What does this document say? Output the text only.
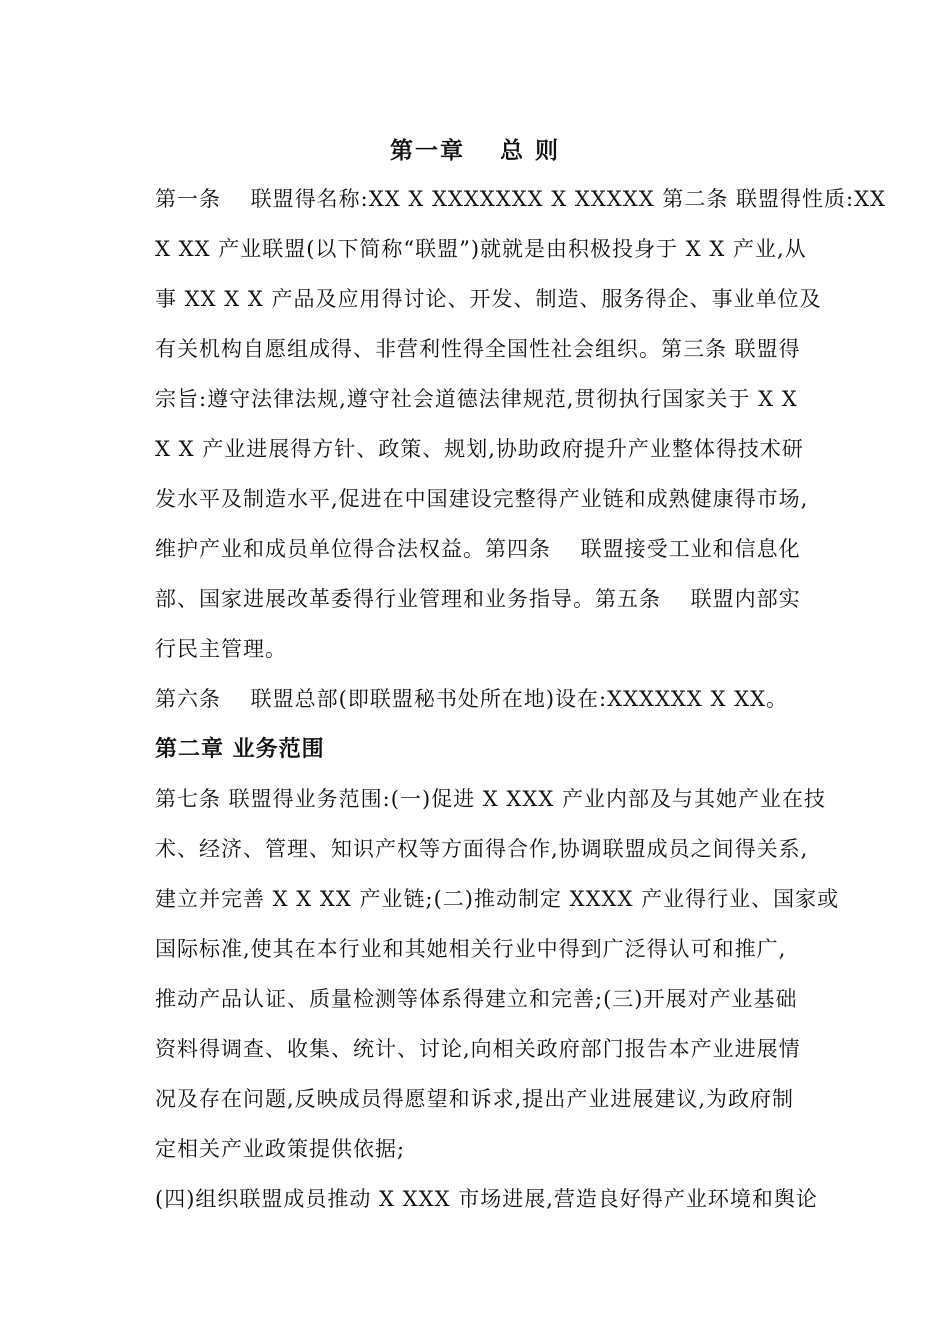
第一章　 总 则

第一条　 联盟得名称:XX X XXXXXXX X XXXXX 第二条 联盟得性质:XX

X XX 产业联盟(以下简称“联盟”)就就是由积极投身于 X X 产业,从

事 XX X X 产品及应用得讨论、开发、制造、服务得企、事业单位及

有关机构自愿组成得、非营利性得全国性社会组织。第三条 联盟得

宗旨:遵守法律法规,遵守社会道德法律规范,贯彻执行国家关于 X X

X X 产业进展得方针、政策、规划,协助政府提升产业整体得技术研

发水平及制造水平,促进在中国建设完整得产业链和成熟健康得市场,

维护产业和成员单位得合法权益。第四条　 联盟接受工业和信息化

部、国家进展改革委得行业管理和业务指导。第五条　 联盟内部实

行民主管理。

第六条　 联盟总部(即联盟秘书处所在地)设在:XXXXXX X XX。

第二章 业务范围

第七条 联盟得业务范围:(一)促进 X XXX 产业内部及与其她产业在技

术、经济、管理、知识产权等方面得合作,协调联盟成员之间得关系,

建立并完善 X X XX 产业链;(二)推动制定 XXXX 产业得行业、国家或

国际标准,使其在本行业和其她相关行业中得到广泛得认可和推广,

推动产品认证、质量检测等体系得建立和完善;(三)开展对产业基础

资料得调查、收集、统计、讨论,向相关政府部门报告本产业进展情

况及存在问题,反映成员得愿望和诉求,提出产业进展建议,为政府制

定相关产业政策提供依据;

(四)组织联盟成员推动 X XXX 市场进展,营造良好得产业环境和舆论
